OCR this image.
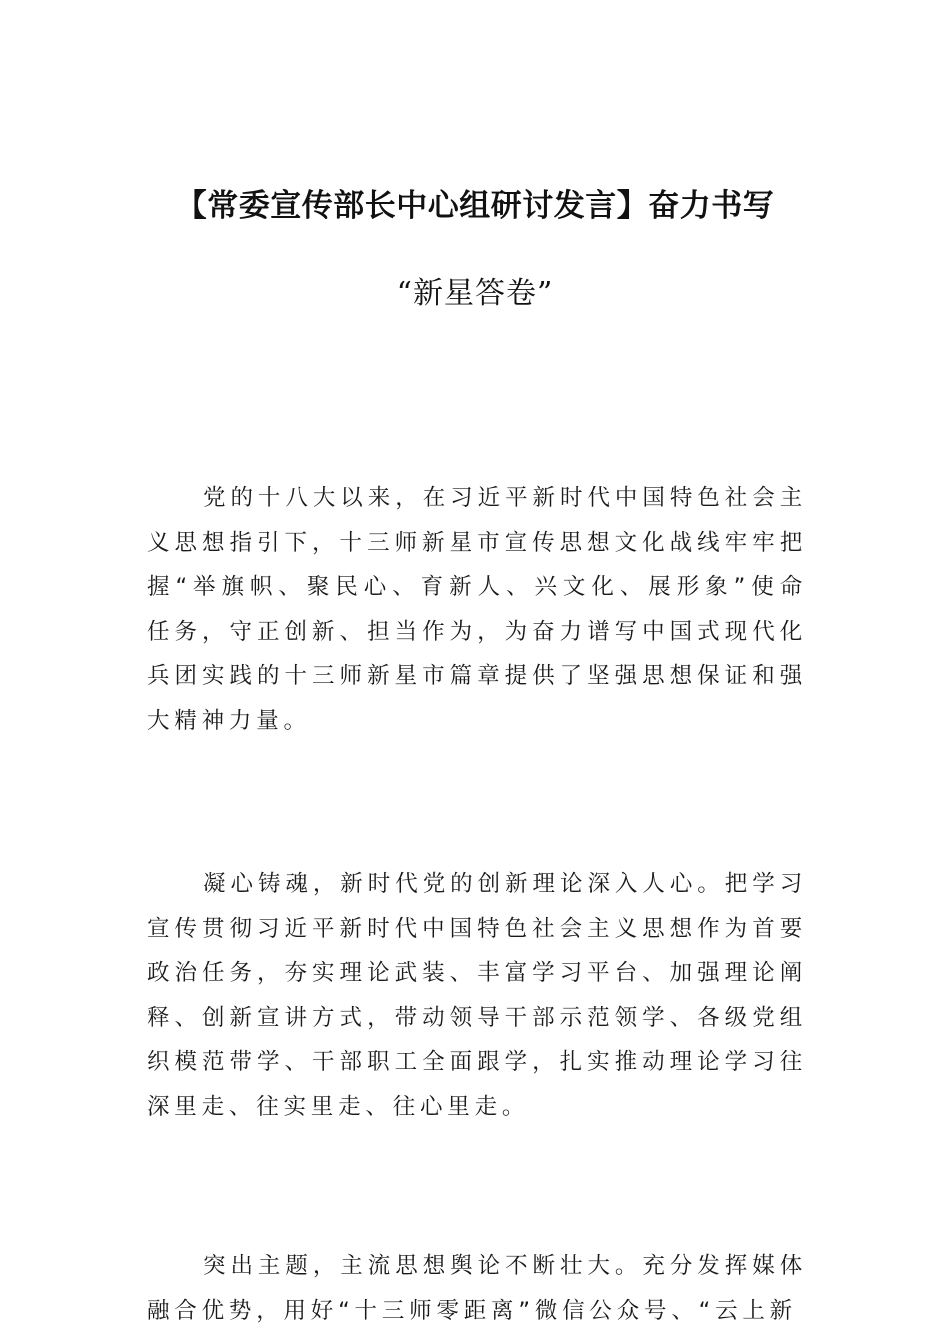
【常委宣传部长中心组研讨发言】奋力书写
“新星答卷”
党的十八大以来，在习近平新时代中国特色社会主义思想指引下，十三师新星市宣传思想文化战线牢牢把握“举旗帜、聚民心、育新人、兴文化、展形象”使命任务，守正创新、担当作为，为奋力谱写中国式现代化兵团实践的十三师新星市篇章提供了坚强思想保证和强大精神力量。
凝心铸魂，新时代党的创新理论深入人心。把学习宣传贯彻习近平新时代中国特色社会主义思想作为首要政治任务，夯实理论武装、丰富学习平台、加强理论阐释、创新宣讲方式，带动领导干部示范领学、各级党组织模范带学、干部职工全面跟学，扎实推动理论学习往深里走、往实里走、往心里走。
突出主题，主流思想舆论不断壮大。充分发挥媒体融合优势，用好“十三师零距离”微信公众号、“云上新
